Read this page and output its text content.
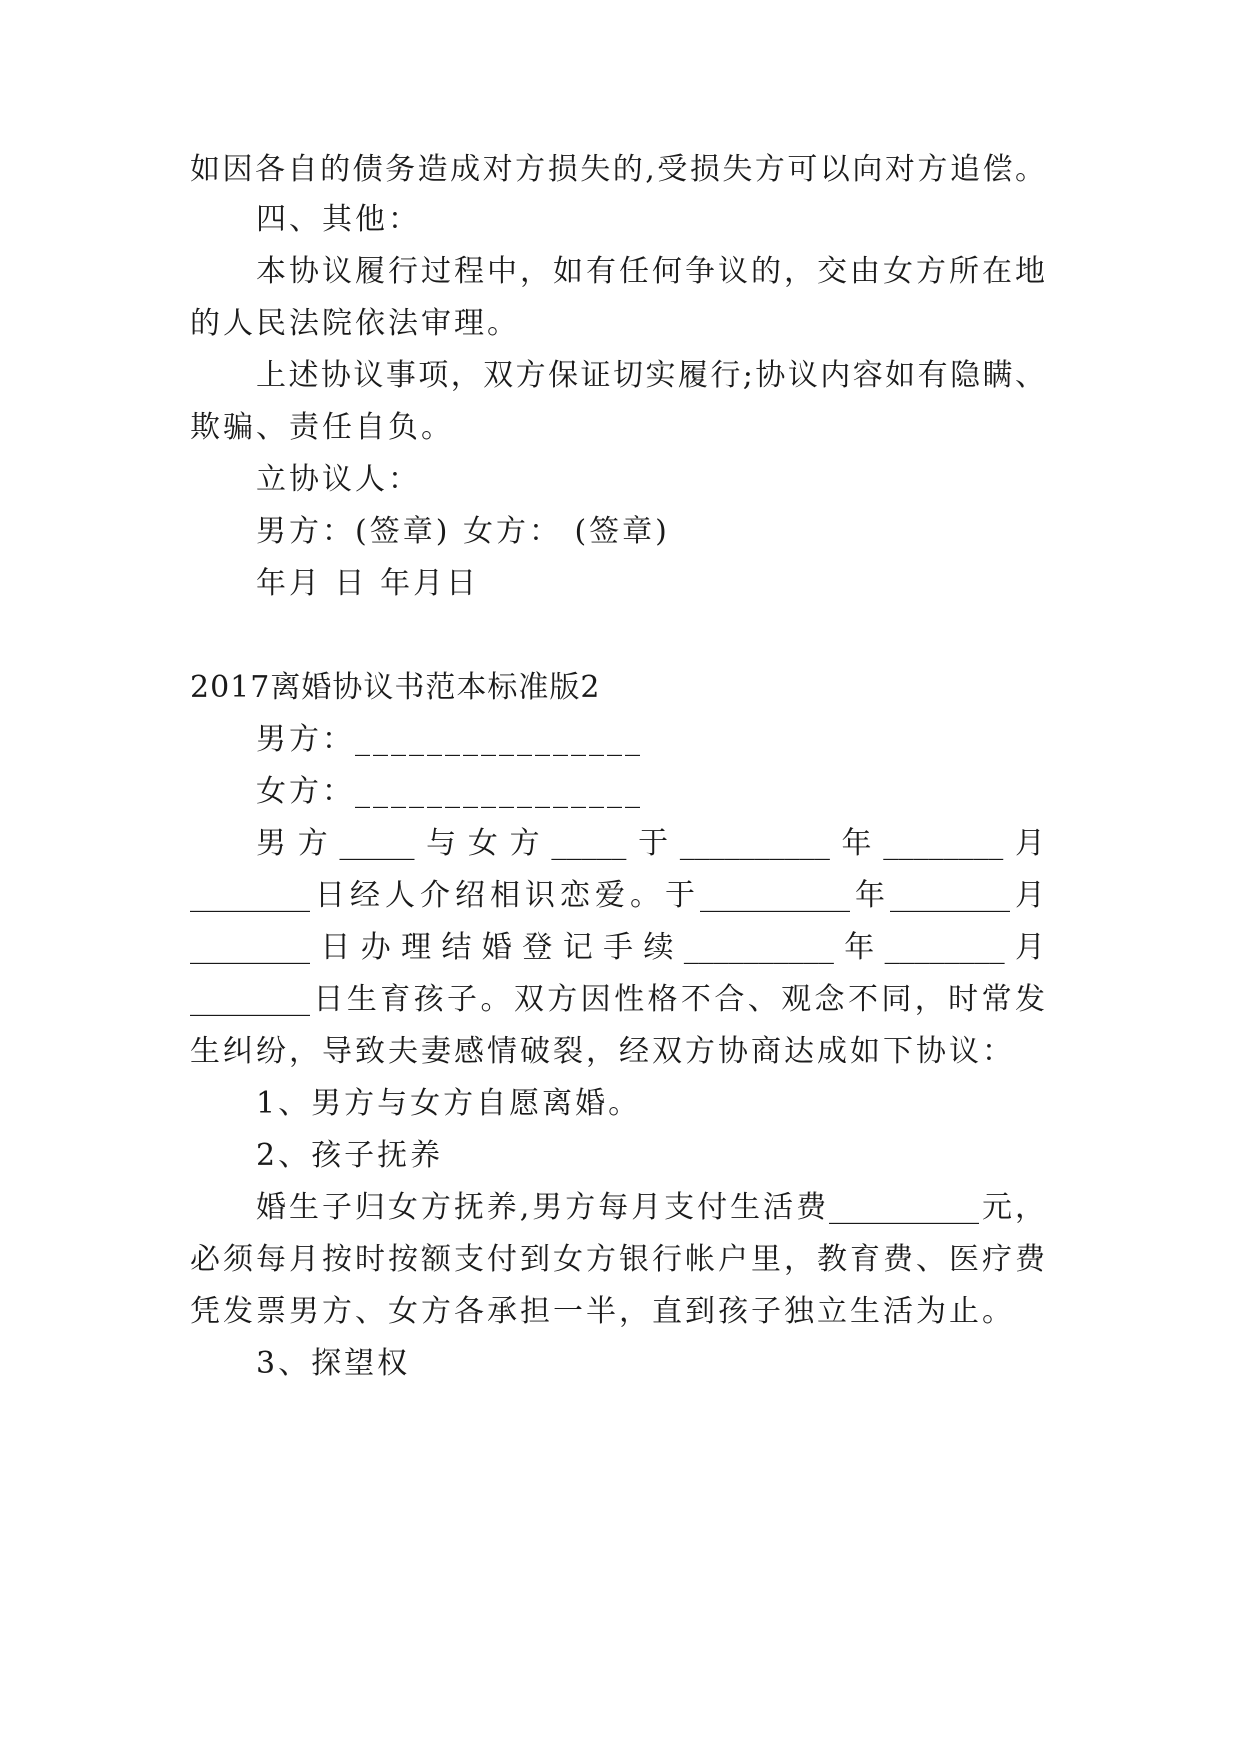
如因各自的债务造成对方损失的,受损失方可以向对方追偿。
四、其他：
本协议履行过程中，如有任何争议的，交由女方所在地
的人民法院依法审理。
上述协议事项，双方保证切实履行;协议内容如有隐瞒、
欺骗、责任自负。
立协议人：
男方：(签章) 女方： (签章)
年月 日 年月日
2017离婚协议书范本标准版2
男方：________________
女方：________________
男方_____与女方_____于__________年________月
________日经人介绍相识恋爱。于__________年________月
________日办理结婚登记手续__________年________月
________日生育孩子。双方因性格不合、观念不同，时常发
生纠纷，导致夫妻感情破裂，经双方协商达成如下协议：
1、男方与女方自愿离婚。
2、孩子抚养
婚生子归女方抚养,男方每月支付生活费__________元，
必须每月按时按额支付到女方银行帐户里，教育费、医疗费
凭发票男方、女方各承担一半，直到孩子独立生活为止。
3、探望权
